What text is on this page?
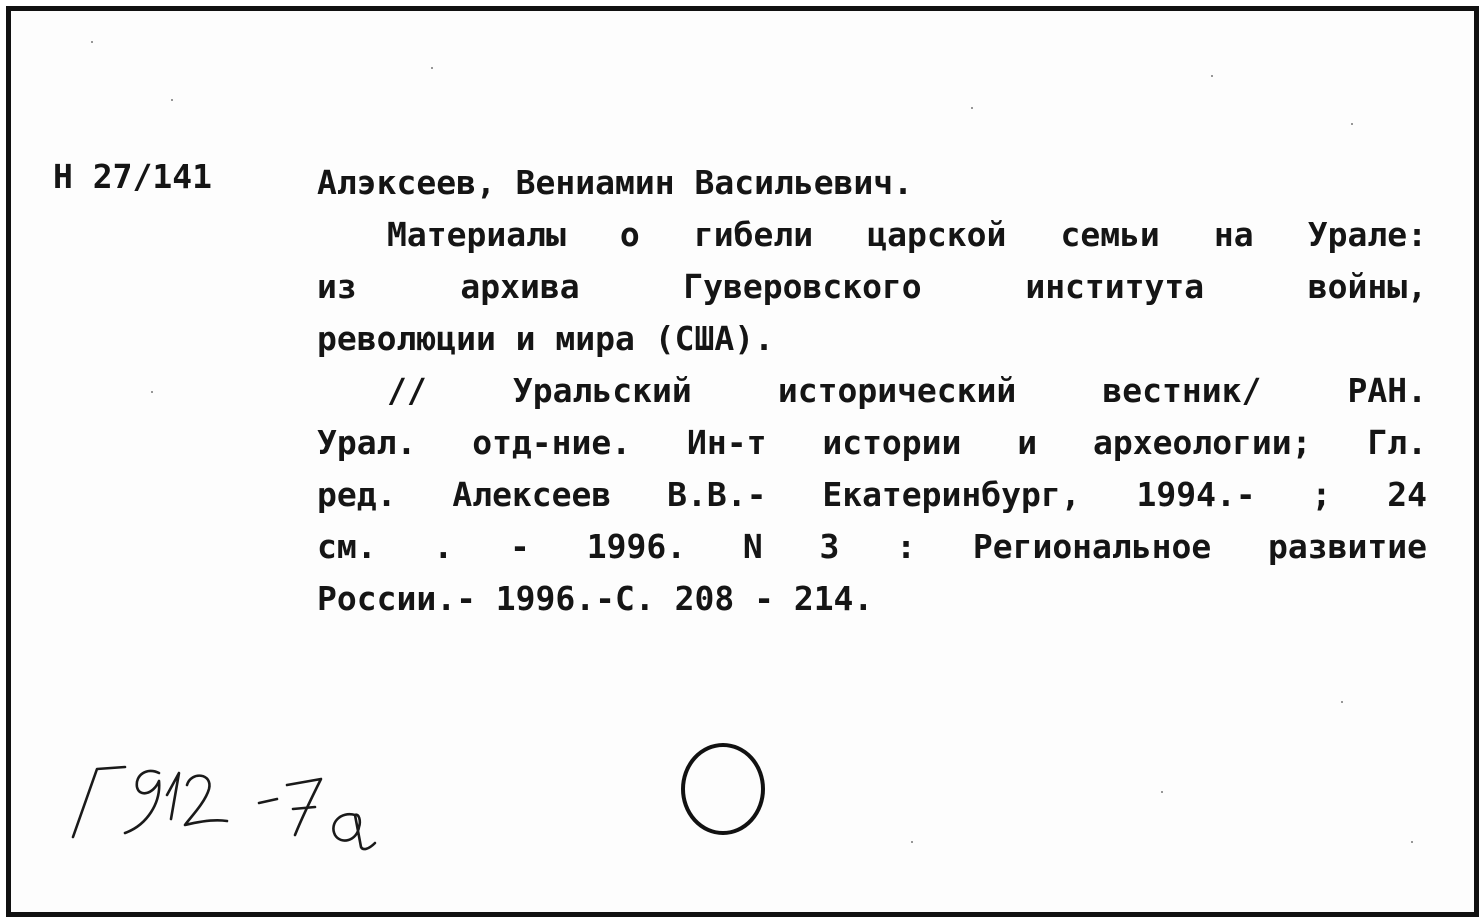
Н 27/141	Алэксеев, Вениамин Васильевич.
Материалы о гибели царской семьи на Урале:
из архива Гуверовского института войны,
революции и мира (США).
// Уральский исторический вестник/ РАН.
Урал. отд-ние. Ин-т истории и археологии; Гл.
ред. Алексеев В.В.- Екатеринбург, 1994.- ; 24
см. . - 1996. N 3 : Региональное развитие
России.- 1996.-С. 208 - 214.
